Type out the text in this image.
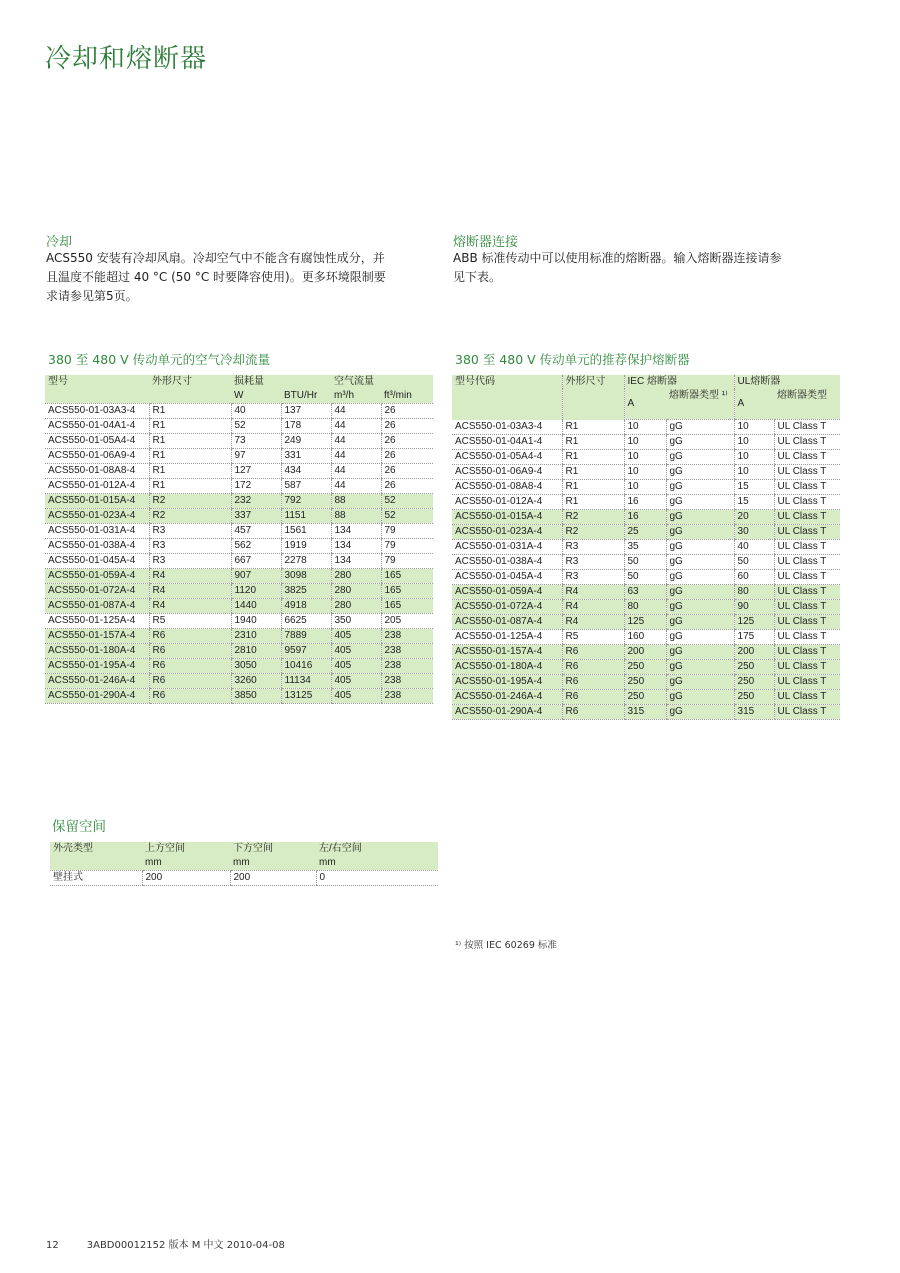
冷却和熔断器
冷却
ACS550 安装有冷却风扇。冷却空气中不能含有腐蚀性成分，并
且温度不能超过 40 °C (50 °C 时要降容使用)。更多环境限制要
求请参见第5页。
熔断器连接
ABB 标准传动中可以使用标准的熔断器。输入熔断器连接请参
见下表。
380 至 480 V 传动单元的空气冷却流量
型号	外形尺寸	损耗量		空气流量	
		W	BTU/Hr	m³/h	ft³/min
ACS550-01-03A3-4	R1	40	137	44	26
ACS550-01-04A1-4	R1	52	178	44	26
ACS550-01-05A4-4	R1	73	249	44	26
ACS550-01-06A9-4	R1	97	331	44	26
ACS550-01-08A8-4	R1	127	434	44	26
ACS550-01-012A-4	R1	172	587	44	26
ACS550-01-015A-4	R2	232	792	88	52
ACS550-01-023A-4	R2	337	1151	88	52
ACS550-01-031A-4	R3	457	1561	134	79
ACS550-01-038A-4	R3	562	1919	134	79
ACS550-01-045A-4	R3	667	2278	134	79
ACS550-01-059A-4	R4	907	3098	280	165
ACS550-01-072A-4	R4	1120	3825	280	165
ACS550-01-087A-4	R4	1440	4918	280	165
ACS550-01-125A-4	R5	1940	6625	350	205
ACS550-01-157A-4	R6	2310	7889	405	238
ACS550-01-180A-4	R6	2810	9597	405	238
ACS550-01-195A-4	R6	3050	10416	405	238
ACS550-01-246A-4	R6	3260	11134	405	238
ACS550-01-290A-4	R6	3850	13125	405	238
380 至 480 V 传动单元的推荐保护熔断器
型号代码	外形尺寸	IEC 熔断器		UL熔断器	
		A	熔断器类型 ¹⁾	A	熔断器类型
ACS550-01-03A3-4	R1	10	gG	10	UL Class T
ACS550-01-04A1-4	R1	10	gG	10	UL Class T
ACS550-01-05A4-4	R1	10	gG	10	UL Class T
ACS550-01-06A9-4	R1	10	gG	10	UL Class T
ACS550-01-08A8-4	R1	10	gG	15	UL Class T
ACS550-01-012A-4	R1	16	gG	15	UL Class T
ACS550-01-015A-4	R2	16	gG	20	UL Class T
ACS550-01-023A-4	R2	25	gG	30	UL Class T
ACS550-01-031A-4	R3	35	gG	40	UL Class T
ACS550-01-038A-4	R3	50	gG	50	UL Class T
ACS550-01-045A-4	R3	50	gG	60	UL Class T
ACS550-01-059A-4	R4	63	gG	80	UL Class T
ACS550-01-072A-4	R4	80	gG	90	UL Class T
ACS550-01-087A-4	R4	125	gG	125	UL Class T
ACS550-01-125A-4	R5	160	gG	175	UL Class T
ACS550-01-157A-4	R6	200	gG	200	UL Class T
ACS550-01-180A-4	R6	250	gG	250	UL Class T
ACS550-01-195A-4	R6	250	gG	250	UL Class T
ACS550-01-246A-4	R6	250	gG	250	UL Class T
ACS550-01-290A-4	R6	315	gG	315	UL Class T
保留空间
外壳类型	上方空间	下方空间	左/右空间
	mm	mm	mm
壁挂式	200	200	0
¹⁾ 按照 IEC 60269 标准
12	3ABD00012152 版本 M 中文 2010-04-08
